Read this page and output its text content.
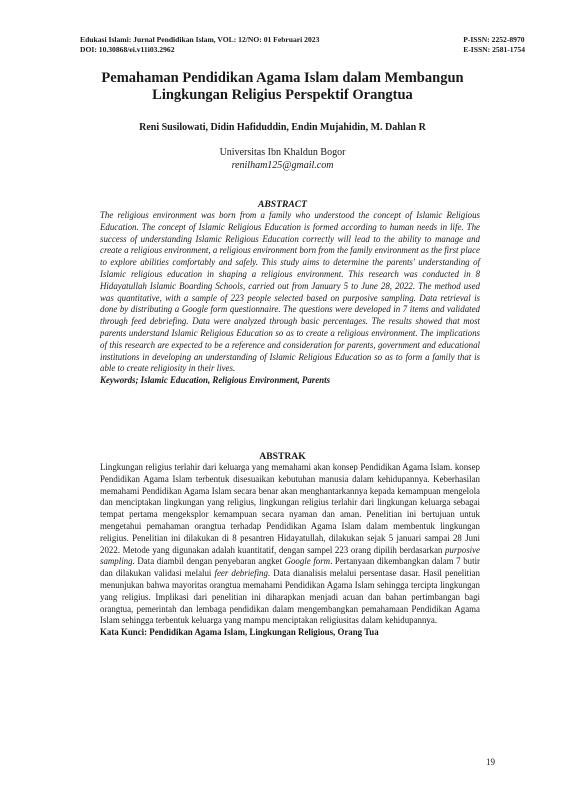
Edukasi Islami: Jurnal Pendidikan Islam, VOL: 12/NO: 01 Februari 2023
DOI: 10.30868/ei.v11i03.2962
P-ISSN: 2252-8970
E-ISSN: 2581-1754
Pemahaman Pendidikan Agama Islam dalam Membangun
Lingkungan Religius Perspektif Orangtua
Reni Susilowati, Didin Hafiduddin, Endin Mujahidin, M. Dahlan R
Universitas Ibn Khaldun Bogor
renilham125@gmail.com
ABSTRACT

The religious environment was born from a family who understood the concept of Islamic Religious Education. The concept of Islamic Religious Education is formed according to human needs in life. The success of understanding Islamic Religious Education correctly will lead to the ability to manage and create a religious environment, a religious environment born from the family environment as the first place to explore abilities comfortably and safely. This study aims to determine the parents' understanding of Islamic religious education in shaping a religious environment. This research was conducted in 8 Hidayatullah Islamic Boarding Schools, carried out from January 5 to June 28, 2022. The method used was quantitative, with a sample of 223 people selected based on purposive sampling. Data retrieval is done by distributing a Google form questionnaire. The questions were developed in 7 items and validated through feed debriefing. Data were analyzed through basic percentages. The results showed that most parents understand Islamic Religious Education so as to create a religious environment. The implications of this research are expected to be a reference and consideration for parents, government and educational institutions in developing an understanding of Islamic Religious Education so as to form a family that is able to create religiosity in their lives.

Keywords; Islamic Education, Religious Environment, Parents

ABSTRAK

Lingkungan religius terlahir dari keluarga yang memahami akan konsep Pendidikan Agama Islam. konsep Pendidikan Agama Islam terbentuk disesuaikan kebutuhan manusia dalam kehidupannya. Keberhasilan memahami Pendidikan Agama Islam secara benar akan menghantarkannya kepada kemampuan mengelola dan menciptakan lingkungan yang religius, lingkungan religius terlahir dari lingkungan keluarga sebagai tempat pertama mengeksplor kemampuan secara nyaman dan aman. Penelitian ini bertujuan untuk mengetahui pemahaman orangtua terhadap Pendidikan Agama Islam dalam membentuk lingkungan religius. Penelitian ini dilakukan di 8 pesantren Hidayatullah, dilakukan sejak 5 januari sampai 28 Juni 2022. Metode yang digunakan adalah kuantitatif, dengan sampel 223 orang dipilih berdasarkan purposive sampling. Data diambil dengan penyebaran angket Google form. Pertanyaan dikembangkan dalam 7 butir dan dilakukan validasi melalui feer debriefing. Data dianalisis melalui persentase dasar. Hasil penelitian menunjukan bahwa mayoritas orangtua memahami Pendidikan Agama Islam sehingga tercipta lingkungan yang religius. Implikasi dari penelitian ini diharapkan menjadi acuan dan bahan pertimbangan bagi orangtua, pemerintah dan lembaga pendidikan dalam mengembangkan pemahamaan Pendidikan Agama Islam sehingga terbentuk keluarga yang mampu menciptakan religiusitas dalam kehidupannya.

Kata Kunci: Pendidikan Agama Islam, Lingkungan Religious, Orang Tua

19
